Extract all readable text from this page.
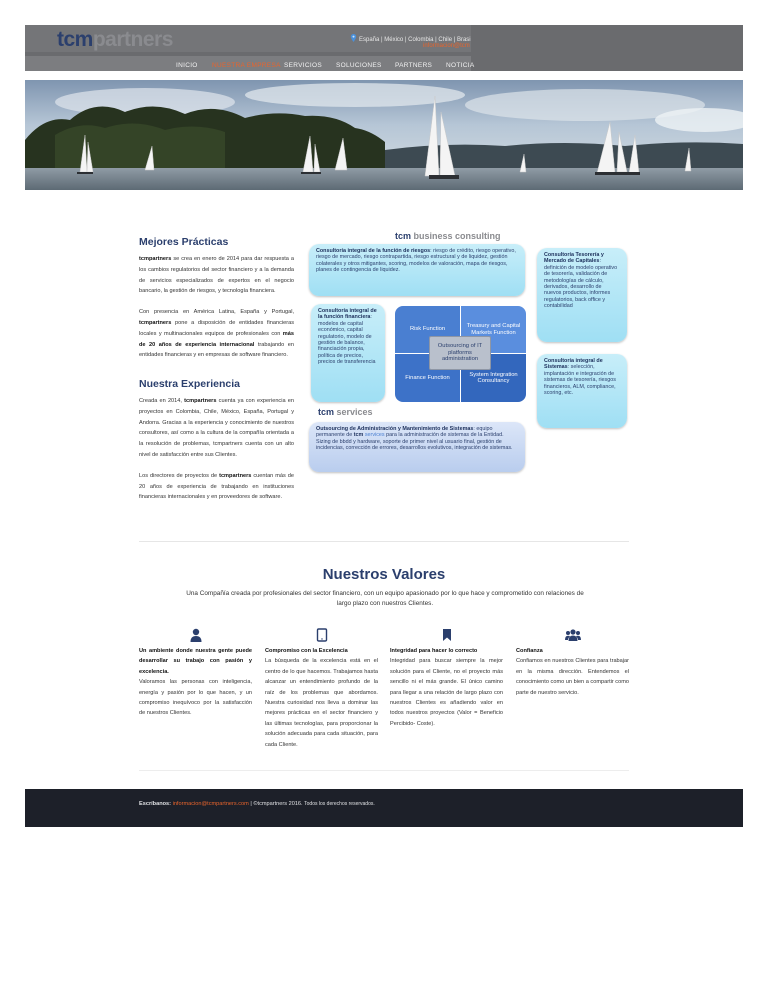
tcmpartners	España | México | Colombia | Chile | Brasi
informacion@tcm
INICIO NUESTRA EMPRESA SERVICIOS SOLUCIONES PARTNERS NOTICIA
Mejores Prácticas

tcmpartners se crea en enero de 2014 para dar respuesta a los cambios regulatorios del sector financiero y a la demanda de servicios especializados de expertos en el negocio bancario, la gestión de riesgos, y tecnología financiera.

Con presencia en América Latina, España y Portugal, tcmpartners pone a disposición de entidades financieras locales y multinacionales equipos de profesionales con más de 20 años de experiencia internacional trabajando en entidades financieras y en empresas de software financiero.

Nuestra Experiencia

Creada en 2014, tcmpartners cuenta ya con experiencia en proyectos en Colombia, Chile, México, España, Portugal y Andorra. Gracias a la experiencia y conocimiento de nuestros consultores, así como a la cultura de la compañía orientada a la resolución de problemas, tcmpartners cuenta con un alto nivel de satisfacción entre sus Clientes.

Los directores de proyectos de tcmpartners cuentan más de 20 años de experiencia de trabajando en instituciones financieras internacionales y en proveedores de software.

tcm business consulting
Consultoría integral de la función de riesgos: riesgo de crédito, riesgo operativo, riesgo de mercado, riesgo contrapartida, riesgo estructural y de liquidez, gestión colaterales y otros mitigantes, scoring, modelos de valoración, mapa de riesgos, planes de contingencia de liquidez.
Consultoría Tesorería y Mercado de Capitales: definición de modelo operativo de tesorería, validación de metodologías de cálculo, derivados, desarrollo de nuevos productos, informes regulatorios, back office y contabilidad
Consultoría integral de la función financiera: modelos de capital económico, capital regulatorio, modelo de gestión de balance, financiación propia, política de precios, precios de transferencia	Consultoría integral de Sistemas: selección, implantación e integración de sistemas de tesorería, riesgos financieros, ALM, compliance, scoring, etc.
Risk Function
Treasury and Capital Markets Function
Finance Function
System Integration Consultancy
Outsourcing of IT platforms administration
tcm services
Outsourcing de Administración y Mantenimiento de Sistemas: equipo permanente de tcm services para la administración de sistemas de la Entidad. Sizing de bbdd y hardware, soporte de primer nivel al usuario final, gestión de incidencias, corrección de errores, desarrollos evolutivos, integración de sistemas.
Nuestros Valores
Una Compañía creada por profesionales del sector financiero, con un equipo apasionado por lo que hace y comprometido con relaciones de largo plazo con nuestros Clientes.

Un ambiente donde nuestra gente puede desarrollar su trabajo con pasión y excelencia.
Valoramos las personas con inteligencia, energía y pasión por lo que hacen, y un compromiso inequívoco por la satisfacción de nuestros Clientes.

Compromiso con la Excelencia
La búsqueda de la excelencia está en el centro de lo que hacemos. Trabajamos hasta alcanzar un entendimiento profundo de la raíz de los problemas que abordamos. Nuestra curiosidad nos lleva a dominar las mejores prácticas en el sector financiero y las últimas tecnologías, para proporcionar la solución adecuada para cada situación, para cada Cliente.

Integridad para hacer lo correcto
Integridad para buscar siempre la mejor solución para el Cliente, no el proyecto más sencillo ni el más grande. El único camino para llegar a una relación de largo plazo con nuestros Clientes es añadiendo valor en todos nuestros proyectos (Valor = Beneficio Percibido- Coste).

Confianza
Confiamos en nuestros Clientes para trabajar en la misma dirección. Entendemos el conocimiento como un bien a compartir como parte de nuestro servicio.

Escríbanos: informacion@tcmpartners.com | ©tcmpartners 2016. Todos los derechos reservados.
